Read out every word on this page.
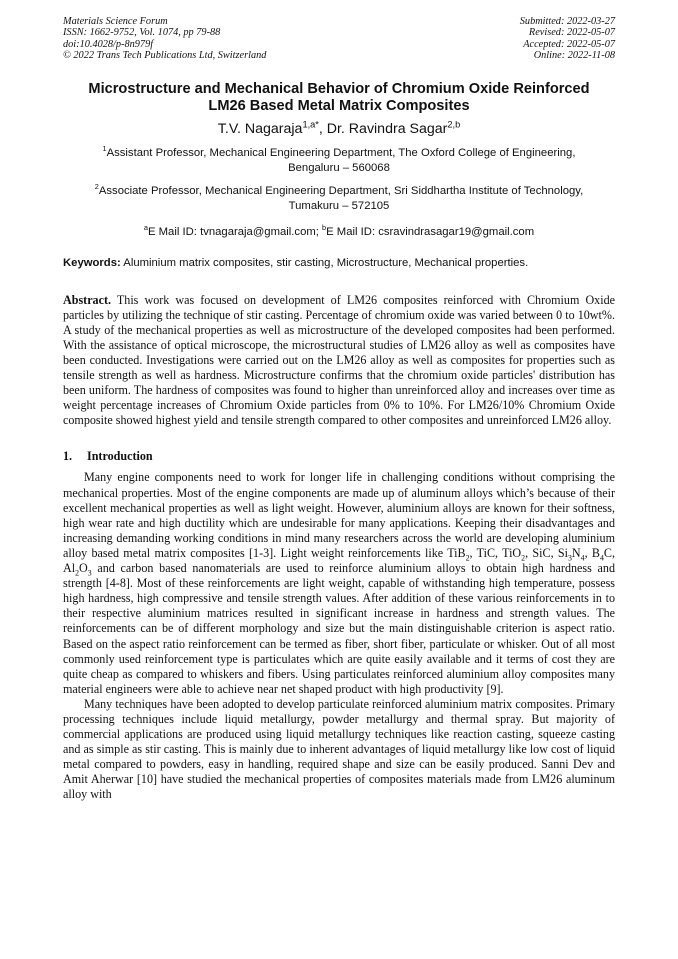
Materials Science Forum
ISSN: 1662-9752, Vol. 1074, pp 79-88
doi:10.4028/p-8n979f
© 2022 Trans Tech Publications Ltd, Switzerland
Submitted: 2022-03-27
Revised: 2022-05-07
Accepted: 2022-05-07
Online: 2022-11-08
Microstructure and Mechanical Behavior of Chromium Oxide Reinforced
LM26 Based Metal Matrix Composites
T.V. Nagaraja$^{1,a*}$, Dr. Ravindra Sagar$^{2,b}$
$^1$Assistant Professor, Mechanical Engineering Department, The Oxford College of Engineering,
Bengaluru – 560068
$^2$Associate Professor, Mechanical Engineering Department, Sri Siddhartha Institute of Technology,
Tumakuru – 572105
$^a$E Mail ID: tvnagaraja@gmail.com; $^b$E Mail ID: csravindrasagar19@gmail.com
Keywords: Aluminium matrix composites, stir casting, Microstructure, Mechanical properties.
Abstract. This work was focused on development of LM26 composites reinforced with Chromium Oxide particles by utilizing the technique of stir casting. Percentage of chromium oxide was varied between 0 to 10wt%. A study of the mechanical properties as well as microstructure of the developed composites had been performed. With the assistance of optical microscope, the microstructural studies of LM26 alloy as well as composites have been conducted. Investigations were carried out on the LM26 alloy as well as composites for properties such as tensile strength as well as hardness. Microstructure confirms that the chromium oxide particles' distribution has been uniform. The hardness of composites was found to higher than unreinforced alloy and increases over time as weight percentage increases of Chromium Oxide particles from 0% to 10%. For LM26/10% Chromium Oxide composite showed highest yield and tensile strength compared to other composites and unreinforced LM26 alloy.
1. Introduction
Many engine components need to work for longer life in challenging conditions without comprising the mechanical properties. Most of the engine components are made up of aluminum alloys which’s because of their excellent mechanical properties as well as light weight. However, aluminium alloys are known for their softness, high wear rate and high ductility which are undesirable for many applications. Keeping their disadvantages and increasing demanding working conditions in mind many researchers across the world are developing aluminium alloy based metal matrix composites [1-3]. Light weight reinforcements like TiB$_2$, TiC, TiO$_2$, SiC, $Si_3N_4$, $B_4C$, $Al_2O_3$ and carbon based nanomaterials are used to reinforce aluminium alloys to obtain high hardness and strength [4-8]. Most of these reinforcements are light weight, capable of withstanding high temperature, possess high hardness, high compressive and tensile strength values. After addition of these various reinforcements in to their respective aluminium matrices resulted in significant increase in hardness and strength values. The reinforcements can be of different morphology and size but the main distinguishable criterion is aspect ratio. Based on the aspect ratio reinforcement can be termed as fiber, short fiber, particulate or whisker. Out of all most commonly used reinforcement type is particulates which are quite easily available and it terms of cost they are quite cheap as compared to whiskers and fibers. Using particulates reinforced aluminium alloy composites many material engineers were able to achieve near net shaped product with high productivity [9].
Many techniques have been adopted to develop particulate reinforced aluminium matrix composites. Primary processing techniques include liquid metallurgy, powder metallurgy and thermal spray. But majority of commercial applications are produced using liquid metallurgy techniques like reaction casting, squeeze casting and as simple as stir casting. This is mainly due to inherent advantages of liquid metallurgy like low cost of liquid metal compared to powders, easy in handling, required shape and size can be easily produced. Sanni Dev and Amit Aherwar [10] have studied the mechanical properties of composites materials made from LM26 aluminum alloy with
